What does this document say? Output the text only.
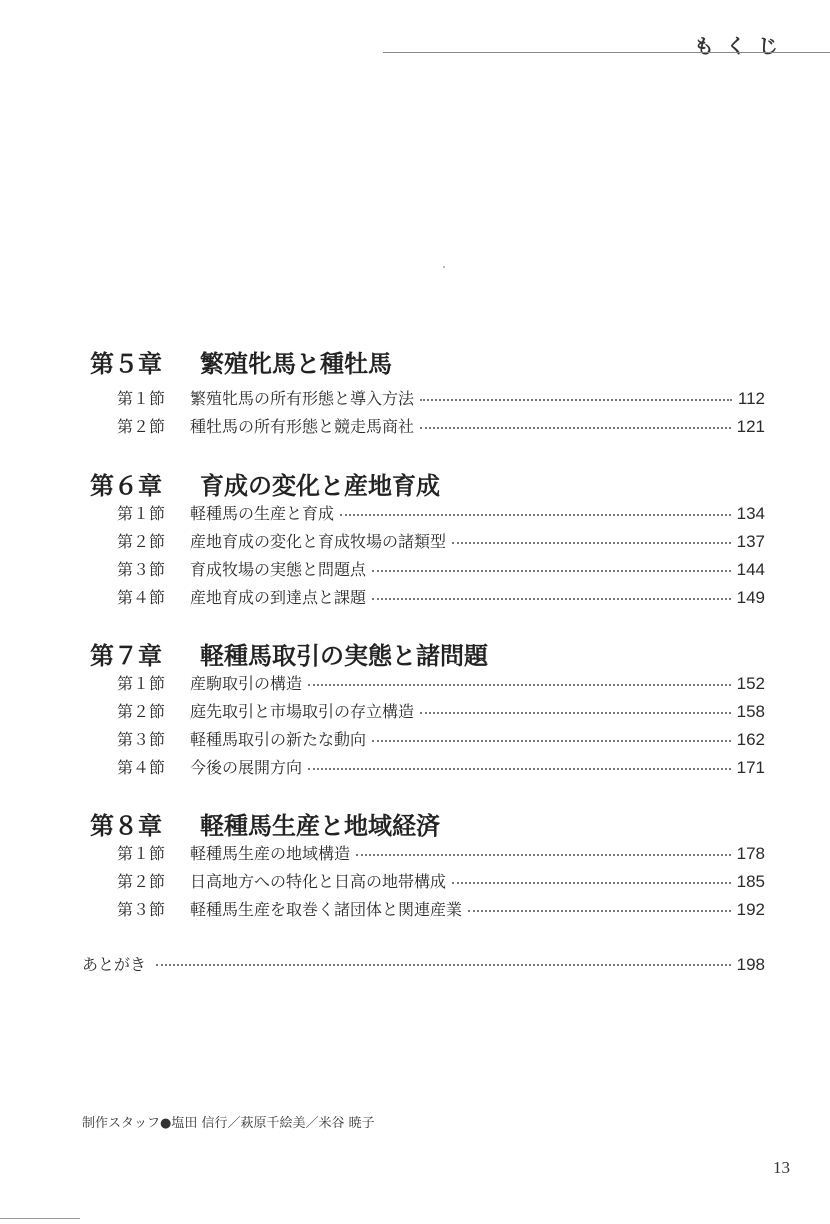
もくじ
第５章	繁殖牝馬と種牡馬
第１節	繁殖牝馬の所有形態と導入方法	112
第２節	種牡馬の所有形態と競走馬商社	121
第６章	育成の変化と産地育成
第１節	軽種馬の生産と育成	134
第２節	産地育成の変化と育成牧場の諸類型	137
第３節	育成牧場の実態と問題点	144
第４節	産地育成の到達点と課題	149
第７章	軽種馬取引の実態と諸問題
第１節	産駒取引の構造	152
第２節	庭先取引と市場取引の存立構造	158
第３節	軽種馬取引の新たな動向	162
第４節	今後の展開方向	171
第８章	軽種馬生産と地域経済
第１節	軽種馬生産の地域構造	178
第２節	日高地方への特化と日高の地帯構成	185
第３節	軽種馬生産を取巻く諸団体と関連産業	192
あとがき	198
制作スタッフ●塩田 信行／萩原千絵美／米谷 暁子
13
